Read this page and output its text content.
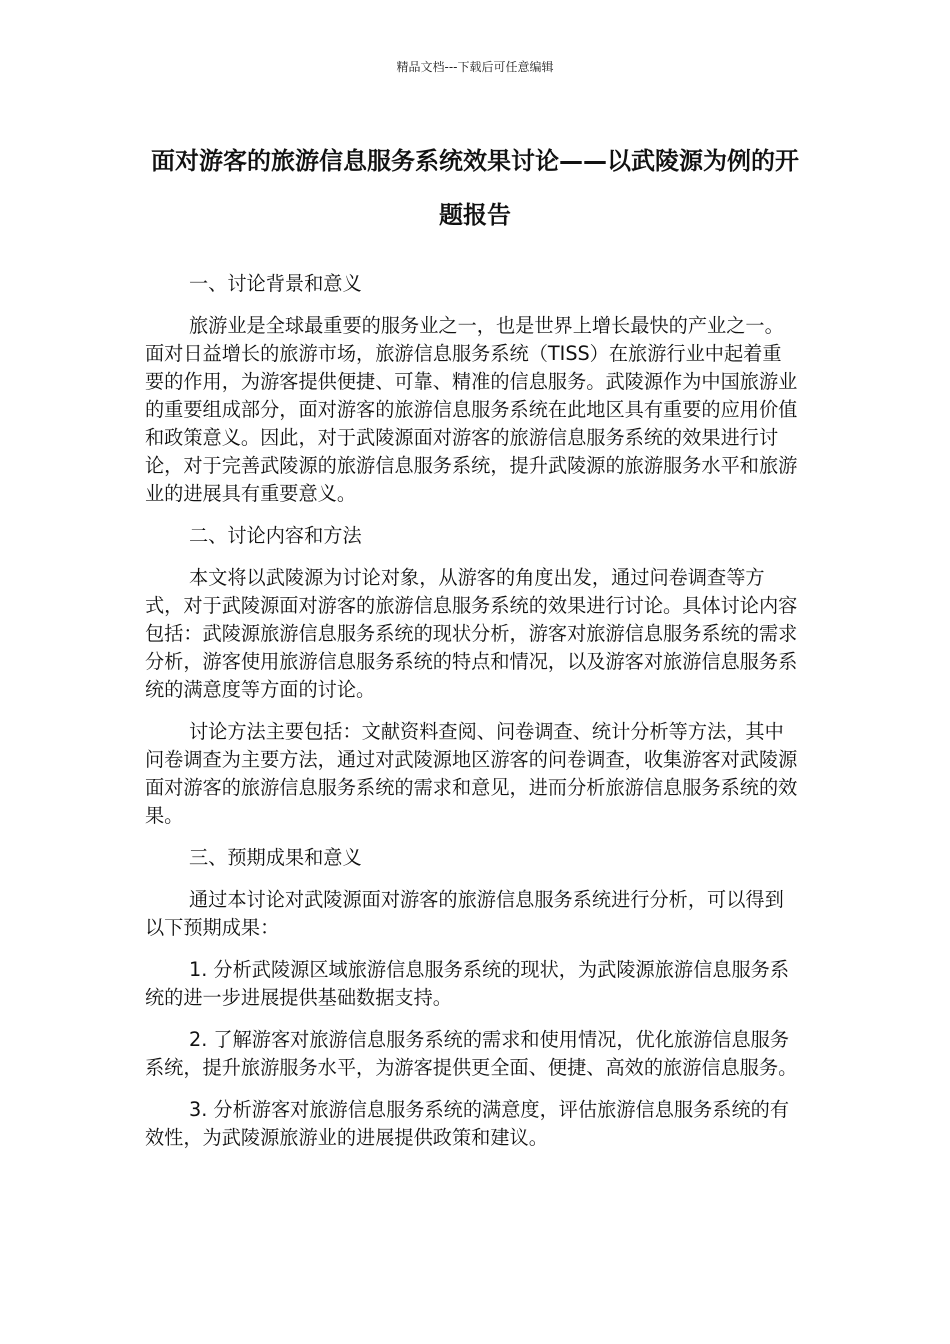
精品文档---下载后可任意编辑
面对游客的旅游信息服务系统效果讨论——以武陵源为例的开题报告

一、讨论背景和意义

旅游业是全球最重要的服务业之一，也是世界上增长最快的产业之一。面对日益增长的旅游市场，旅游信息服务系统（TISS）在旅游行业中起着重要的作用，为游客提供便捷、可靠、精准的信息服务。武陵源作为中国旅游业的重要组成部分，面对游客的旅游信息服务系统在此地区具有重要的应用价值和政策意义。因此，对于武陵源面对游客的旅游信息服务系统的效果进行讨论，对于完善武陵源的旅游信息服务系统，提升武陵源的旅游服务水平和旅游业的进展具有重要意义。

二、讨论内容和方法

本文将以武陵源为讨论对象，从游客的角度出发，通过问卷调查等方式，对于武陵源面对游客的旅游信息服务系统的效果进行讨论。具体讨论内容包括：武陵源旅游信息服务系统的现状分析，游客对旅游信息服务系统的需求分析，游客使用旅游信息服务系统的特点和情况，以及游客对旅游信息服务系统的满意度等方面的讨论。

讨论方法主要包括：文献资料查阅、问卷调查、统计分析等方法，其中问卷调查为主要方法，通过对武陵源地区游客的问卷调查，收集游客对武陵源面对游客的旅游信息服务系统的需求和意见，进而分析旅游信息服务系统的效果。

三、预期成果和意义

通过本讨论对武陵源面对游客的旅游信息服务系统进行分析，可以得到以下预期成果：

1. 分析武陵源区域旅游信息服务系统的现状，为武陵源旅游信息服务系统的进一步进展提供基础数据支持。

2. 了解游客对旅游信息服务系统的需求和使用情况，优化旅游信息服务系统，提升旅游服务水平，为游客提供更全面、便捷、高效的旅游信息服务。

3. 分析游客对旅游信息服务系统的满意度，评估旅游信息服务系统的有效性，为武陵源旅游业的进展提供政策和建议。
